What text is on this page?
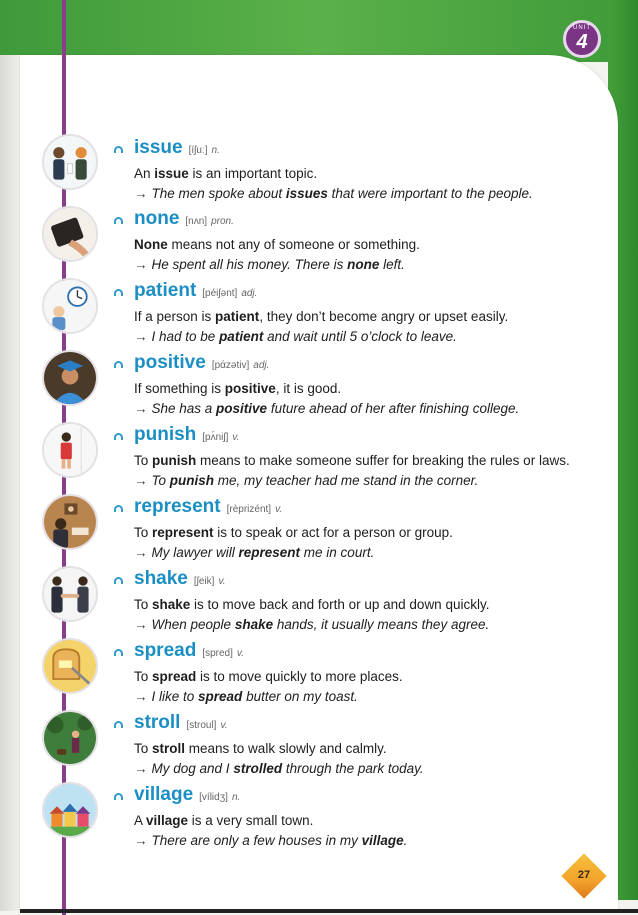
UNIT
4
issue [íʃuː] n.
An issue is an important topic.
→ The men spoke about issues that were important to the people.
none [nʌn] pron.
None means not any of someone or something.
→ He spent all his money. There is none left.
patient [péiʃənt] adj.
If a person is patient, they don’t become angry or upset easily.
→ I had to be patient and wait until 5 o’clock to leave.
positive [pάzətiv] adj.
If something is positive, it is good.
→ She has a positive future ahead of her after finishing college.
punish [pʌ́niʃ] v.
To punish means to make someone suffer for breaking the rules or laws.
→ To punish me, my teacher had me stand in the corner.
represent [rèprizént] v.
To represent is to speak or act for a person or group.
→ My lawyer will represent me in court.
shake [ʃeik] v.
To shake is to move back and forth or up and down quickly.
→ When people shake hands, it usually means they agree.
spread [spred] v.
To spread is to move quickly to more places.
→ I like to spread butter on my toast.
stroll [stroul] v.
To stroll means to walk slowly and calmly.
→ My dog and I strolled through the park today.
village [vílidʒ] n.
A village is a very small town.
→ There are only a few houses in my village.
27
